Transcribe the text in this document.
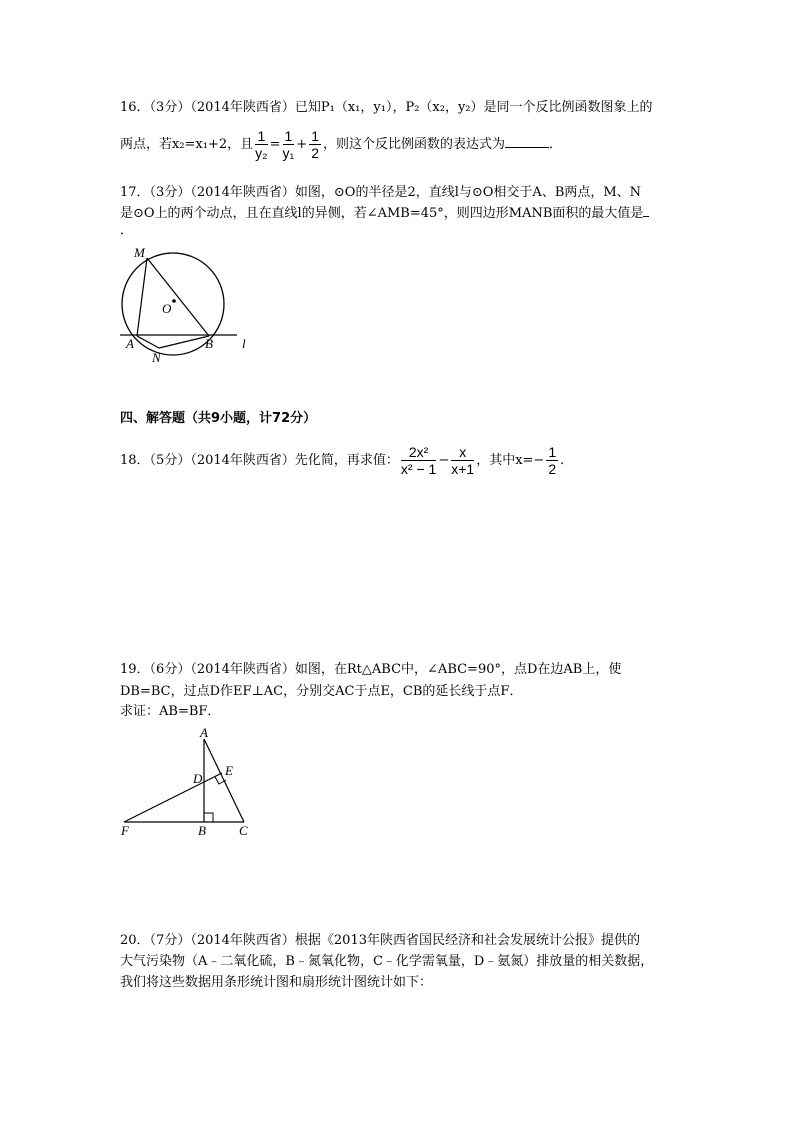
16．（3分）（2014年陕西省）已知P₁（x₁，y₁），P₂（x₂，y₂）是同一个反比例函数图象上的
两点，若x₂=x₁+2，且 $\frac{1}{\text{y₂}} = \frac{1}{\text{y₁}} + \frac{1}{2}$ ，则这个反比例函数的表达式为	．
17．（3分）（2014年陕西省）如图，⊙O的半径是2，直线l与⊙O相交于A、B两点，M、N
是⊙O上的两个动点，且在直线l的异侧，若∠AMB=45°，则四边形MANB面积的最大值是
．
M
O
A
N
B l
四、解答题（共9小题，计72分）
18．（5分）（2014年陕西省）先化简，再求值： $\frac{\text{2x²}}{\text{x² − 1}} - \frac{x}{x+1}$ ，其中$x=- \frac{1}{2}$ ．
19．（6分）（2014年陕西省）如图，在Rt△ABC中，∠ABC=90°，点D在边AB上，使
DB=BC，过点D作EF⊥AC，分别交AC于点E，CB的延长线于点F．
求证：AB=BF．
A
D
E
F	B	C
20．（7分）（2014年陕西省）根据《2013年陕西省国民经济和社会发展统计公报》提供的
大气污染物（A﹣二氧化硫，B﹣氮氧化物，C﹣化学需氧量，D﹣氨氮）排放量的相关数据，
我们将这些数据用条形统计图和扇形统计图统计如下：
